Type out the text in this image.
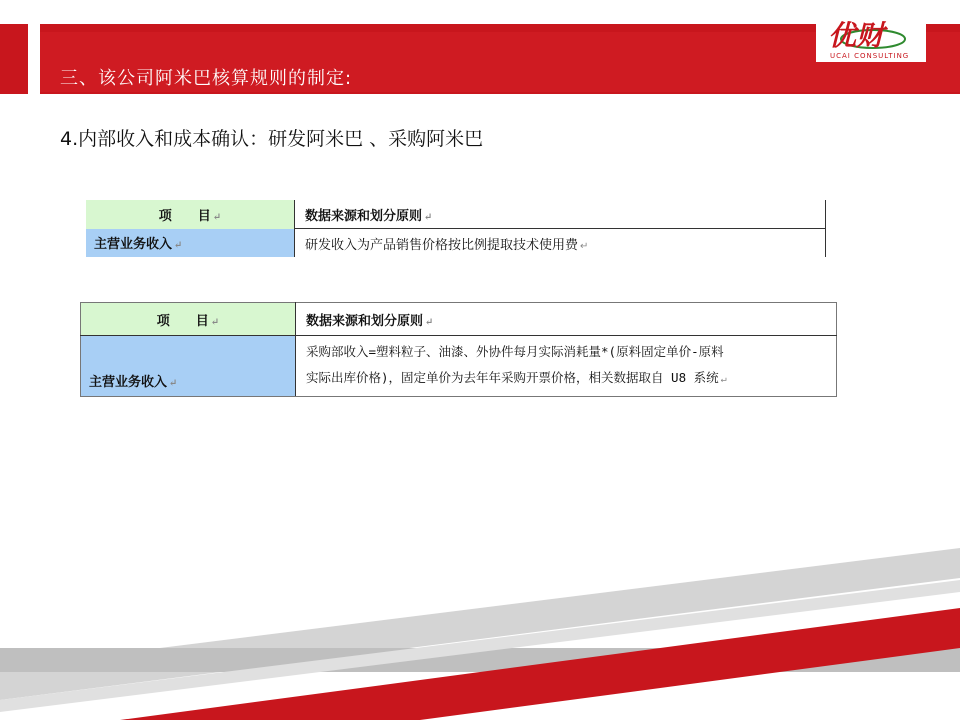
三、该公司阿米巴核算规则的制定:
优财
UCAI CONSULTING
4.内部收入和成本确认：研发阿米巴 、采购阿米巴
项　　目 ↵	数据来源和划分原则 ↵	
主营业务收入 ↵	研发收入为产品销售价格按比例提取技术使用费 ↵	
项　　目 ↵	数据来源和划分原则 ↵
主营业务收入 ↵	采购部收入=塑料粒子、油漆、外协件每月实际消耗量*(原料固定单价-原料
实际出库价格)，固定单价为去年年采购开票价格，相关数据取自 U8 系统 ↵
